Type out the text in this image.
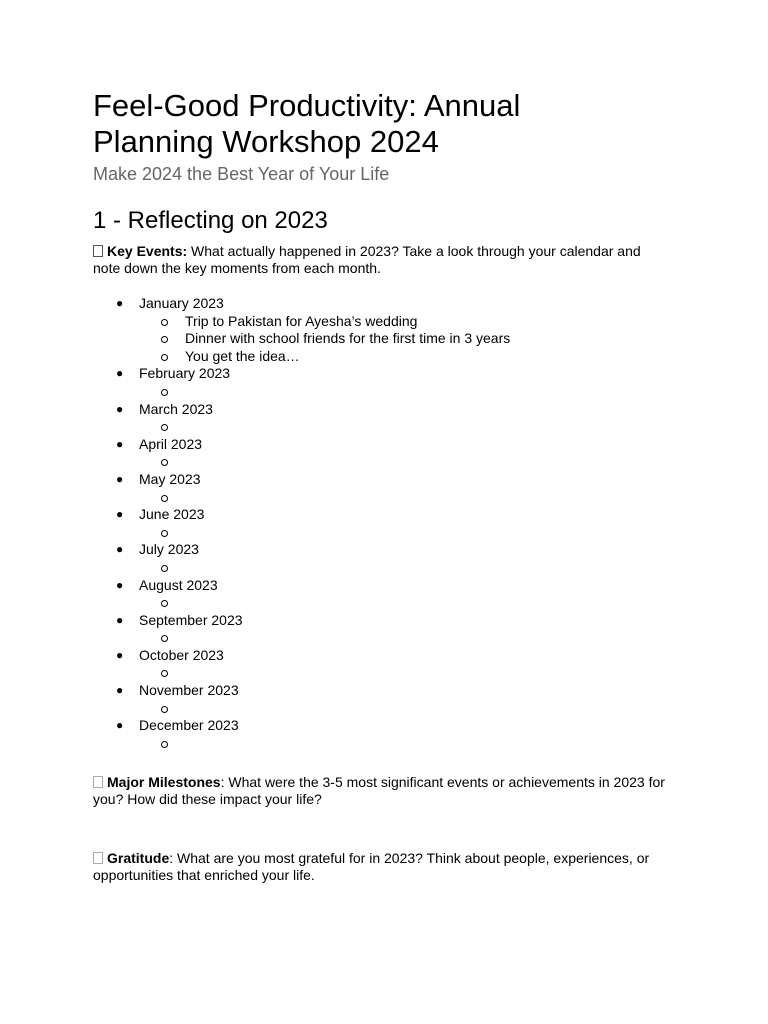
Feel-Good Productivity: Annual
Planning Workshop 2024
Make 2024 the Best Year of Your Life
1 - Reflecting on 2023

Key Events: What actually happened in 2023? Take a look through your calendar and
note down the key moments from each month.

● January 2023
Trip to Pakistan for Ayesha’s wedding
Dinner with school friends for the first time in 3 years
You get the idea…
● February 2023
● March 2023
● April 2023
● May 2023
● June 2023
● July 2023
● August 2023
● September 2023
● October 2023
● November 2023
● December 2023

Major Milestones: What were the 3-5 most significant events or achievements in 2023 for
you? How did these impact your life?

Gratitude: What are you most grateful for in 2023? Think about people, experiences, or
opportunities that enriched your life.
